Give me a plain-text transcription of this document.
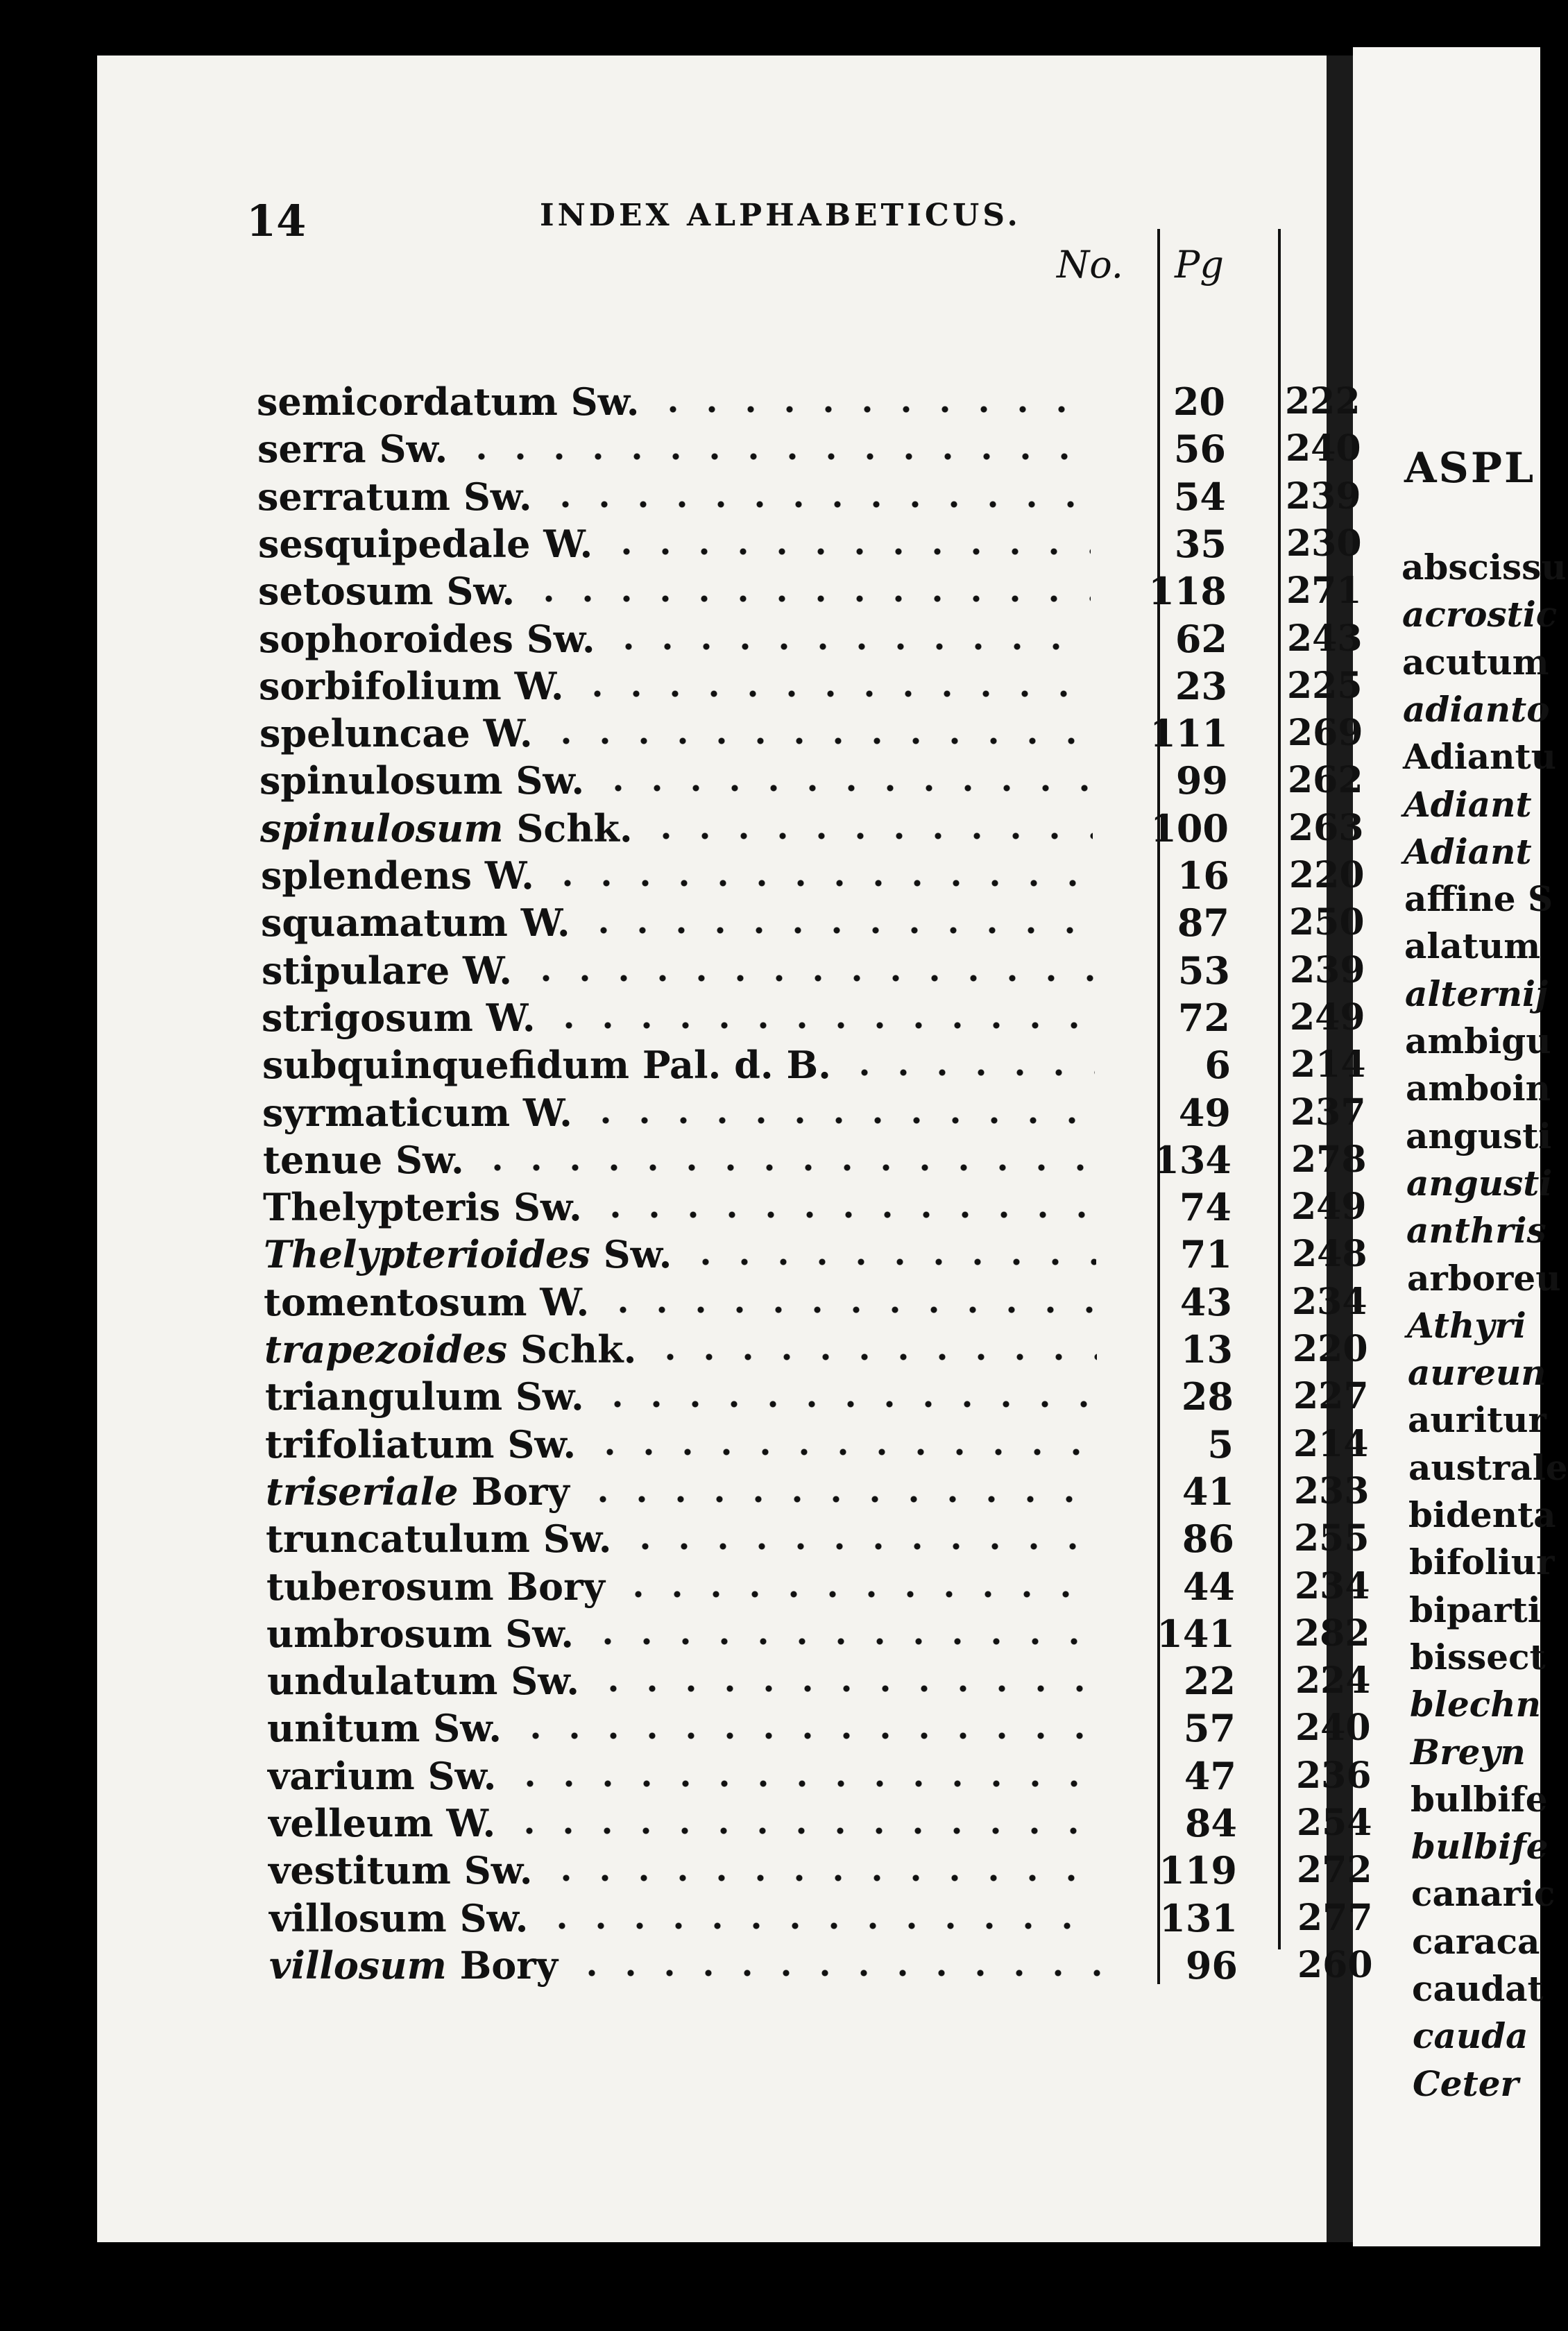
ASPL
abscissu
acrostic
acutum
adianto
Adiantu
Adiant
Adiant
affine S
alatum
alternij
ambigu
amboin
angusti
angusti
anthris
arboreu
Athyri
aureun
auritur
australe
bidenta
bifoliur
biparti
bissect
blechn
Breyn
bulbife
bulbife
canaric
caraca
caudat
cauda
Ceter
14	INDEX ALPHABETICUS.
No. Pg
semicordatum Sw.	20 222
serra Sw.	56 240
serratum Sw.	54 239
sesquipedale W.	35 230
setosum Sw.	118 271
sophoroides Sw.	62 243
sorbifolium W.	23 225
speluncae W.	111 269
spinulosum Sw.	99 262
spinulosum Schk.	100 263
splendens W.	16 220
squamatum W.	87 250
stipulare W.	53 239
strigosum W.	72 249
subquinquefidum Pal. d. B.	6 214
syrmaticum W.	49 237
tenue Sw.	134 278
Thelypteris Sw.	74 249
Thelypterioides Sw.	71 248
tomentosum W.	43 234
trapezoides Schk.	13 220
triangulum Sw.	28 227
trifoliatum Sw.	5 214
triseriale Bory	41 233
truncatulum Sw.	86 255
tuberosum Bory	44 234
umbrosum Sw.	141 282
undulatum Sw.	22 224
unitum Sw.	57 240
varium Sw.	47 236
velleum W.	84 254
vestitum Sw.	119 272
villosum Sw.	131 277
villosum Bory	96 260
